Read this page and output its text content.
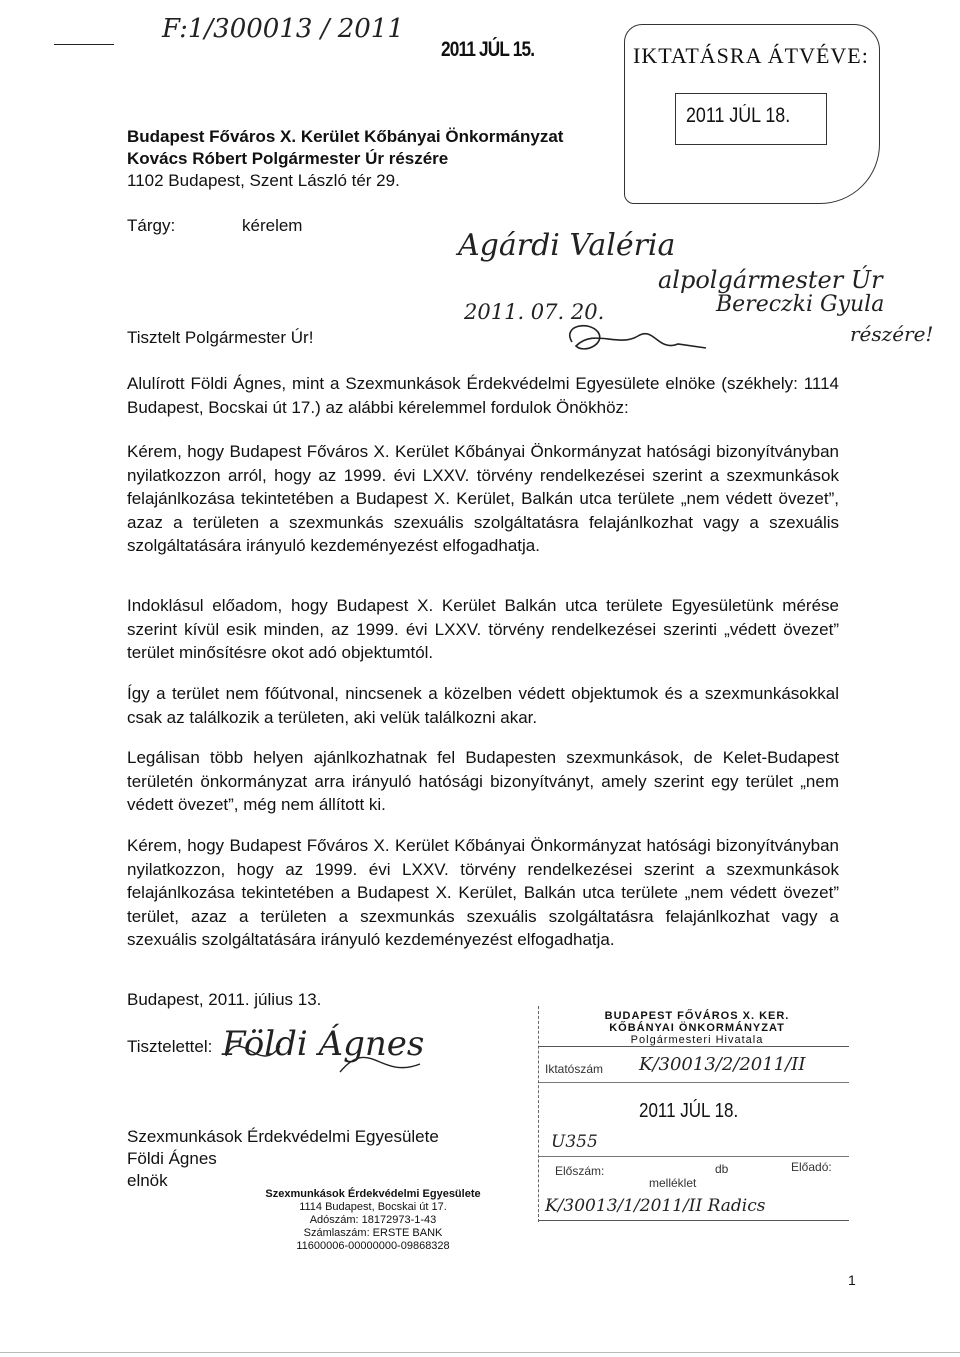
F:1/300013 / 2011
2011 JÚL 15.	IKTATÁSRA ÁTVÉVE:
2011 JÚL 18.
Budapest Főváros X. Kerület Kőbányai Önkormányzat
Kovács Róbert Polgármester Úr részére
1102 Budapest, Szent László tér 29.
Tárgy:	kérelem
Agárdi Valéria
alpolgármester Úr
2011. 07. 20.	Bereczki Gyula
részére!
Tisztelt Polgármester Úr!
Alulírott Földi Ágnes, mint a Szexmunkások Érdekvédelmi Egyesülete elnöke (székhely: 1114 Budapest, Bocskai út 17.) az alábbi kérelemmel fordulok Önökhöz:
Kérem, hogy Budapest Főváros X. Kerület Kőbányai Önkormányzat hatósági bizonyítványban nyilatkozzon arról, hogy az 1999. évi LXXV. törvény rendelkezései szerint a szexmunkások felajánlkozása tekintetében a Budapest X. Kerület, Balkán utca területe „nem védett övezet”, azaz a területen a szexmunkás szexuális szolgáltatásra felajánlkozhat vagy a szexuális szolgáltatására irányuló kezdeményezést elfogadhatja.
Indoklásul előadom, hogy Budapest X. Kerület Balkán utca területe Egyesületünk mérése szerint kívül esik minden, az 1999. évi LXXV. törvény rendelkezései szerinti „védett övezet” terület minősítésre okot adó objektumtól.
Így a terület nem főútvonal, nincsenek a közelben védett objektumok és a szexmunkásokkal csak az találkozik a területen, aki velük találkozni akar.
Legálisan több helyen ajánlkozhatnak fel Budapesten szexmunkások, de Kelet-Budapest területén önkormányzat arra irányuló hatósági bizonyítványt, amely szerint egy terület „nem védett övezet”, még nem állított ki.
Kérem, hogy Budapest Főváros X. Kerület Kőbányai Önkormányzat hatósági bizonyítványban nyilatkozzon, hogy az 1999. évi LXXV. törvény rendelkezései szerint a szexmunkások felajánlkozása tekintetében a Budapest X. Kerület, Balkán utca területe „nem védett övezet” terület, azaz a területen a szexmunkás szexuális szolgáltatásra felajánlkozhat vagy a szexuális szolgáltatására irányuló kezdeményezést elfogadhatja.
Budapest, 2011. július 13.
Tisztelettel: Földi Ágnes
Szexmunkások Érdekvédelmi Egyesülete
Földi Ágnes
elnök
Szexmunkások Érdekvédelmi Egyesülete
1114 Budapest, Bocskai út 17.
Adószám: 18172973-1-43
Számlaszám: ERSTE BANK
11600006-00000000-09868328
BUDAPEST FŐVÁROS X. KER.
KŐBÁNYAI ÖNKORMÁNYZAT
Polgármesteri Hivatala
Iktatószám K/30013/2/2011/II
2011 JÚL 18.
U355
Előszám:	db	Előadó:
melléklet
K/30013/1/2011/II Radics
1
